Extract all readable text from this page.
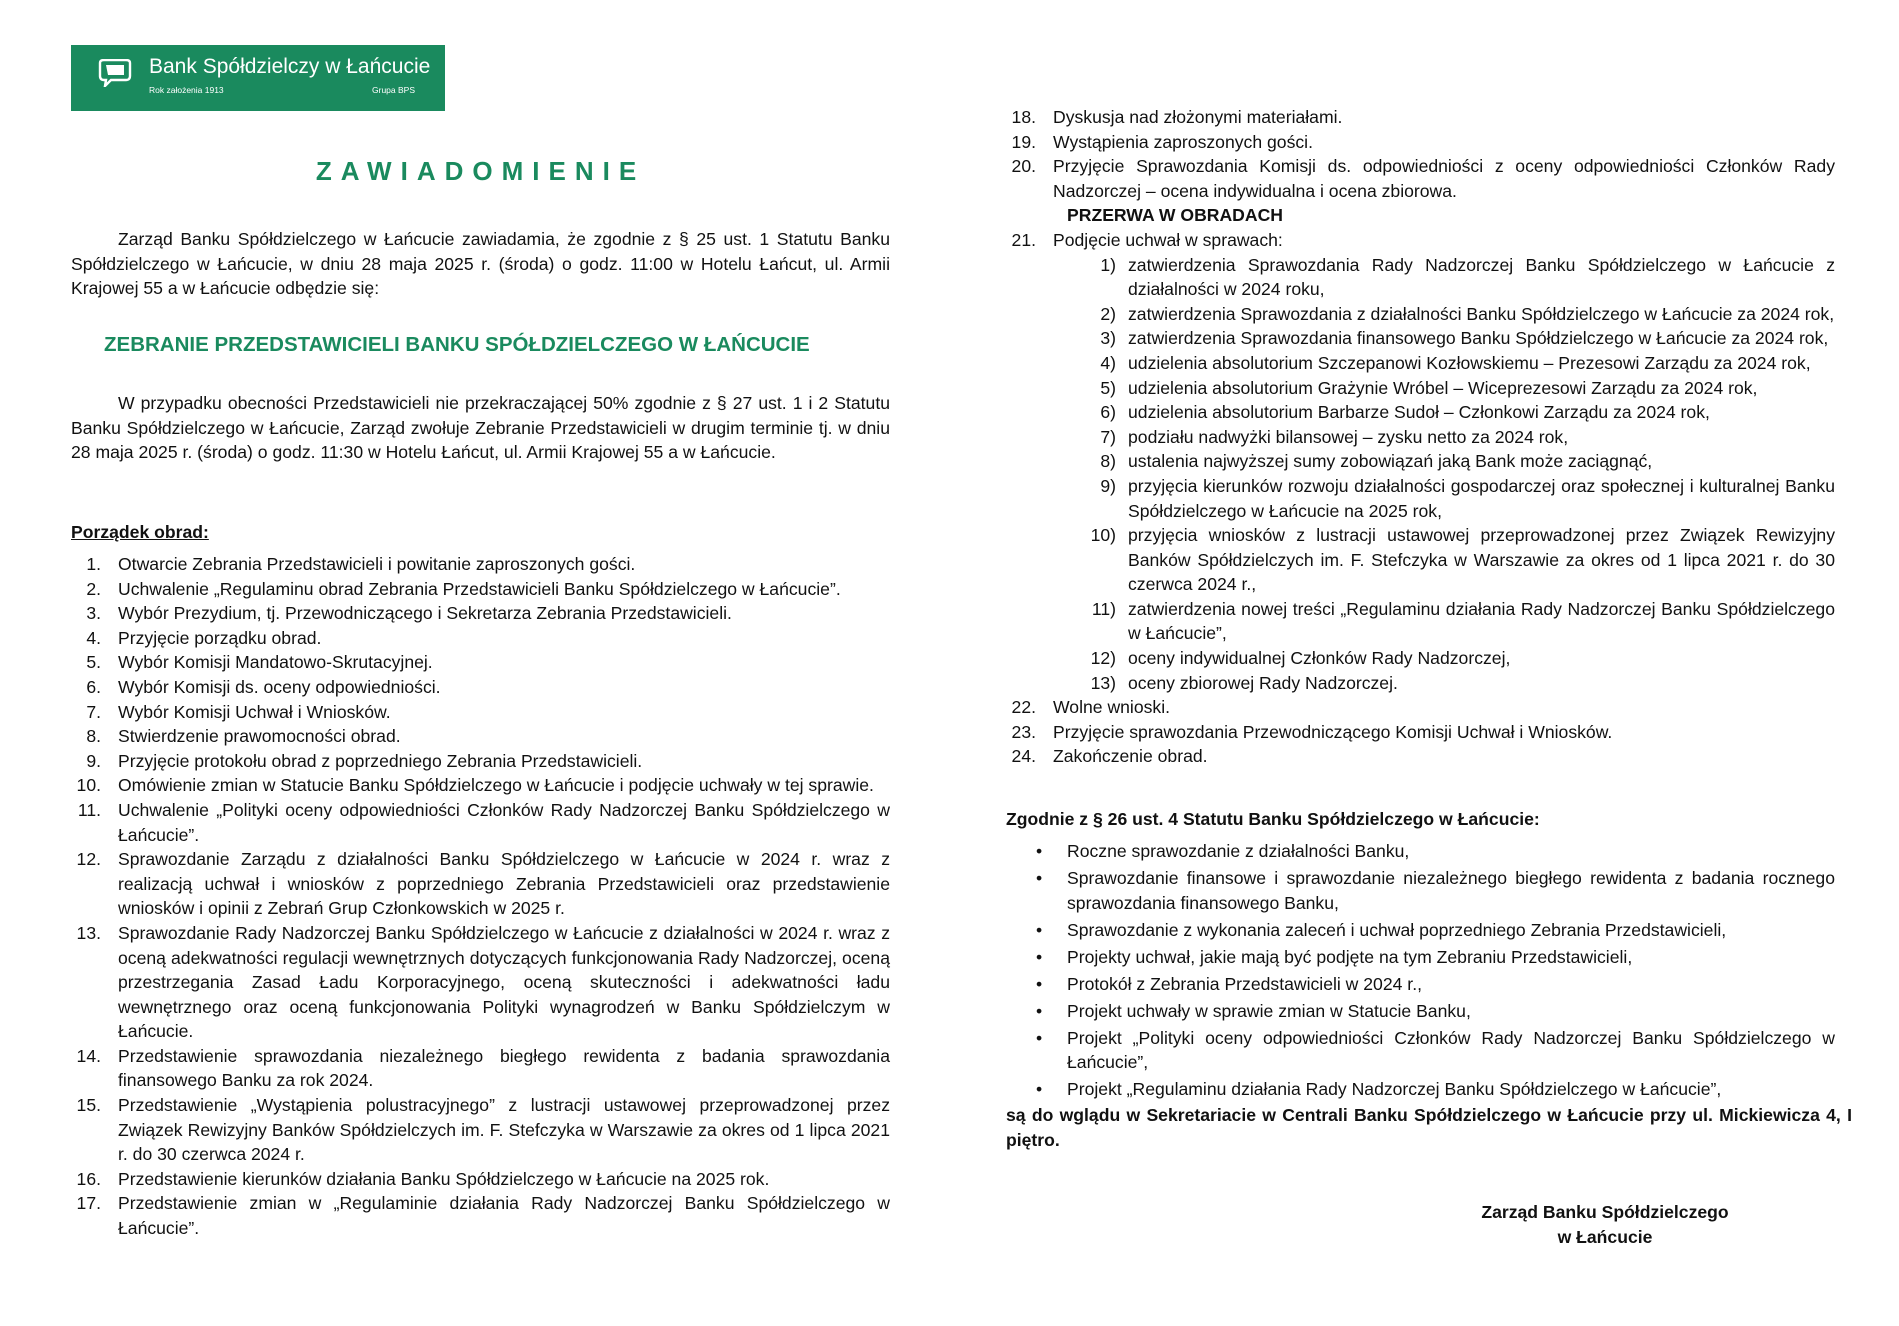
Bank Spółdzielczy w Łańcucie
Rok założenia 1913	Grupa BPS
ZAWIADOMIENIE

Zarząd Banku Spółdzielczego w Łańcucie zawiadamia, że zgodnie z § 25 ust. 1 Statutu Banku Spółdzielczego w Łańcucie, w dniu 28 maja 2025 r. (środa) o godz. 11:00 w Hotelu Łańcut, ul. Armii Krajowej 55 a w Łańcucie odbędzie się:

ZEBRANIE PRZEDSTAWICIELI BANKU SPÓŁDZIELCZEGO W ŁAŃCUCIE

W przypadku obecności Przedstawicieli nie przekraczającej 50% zgodnie z § 27 ust. 1 i 2 Statutu Banku Spółdzielczego w Łańcucie, Zarząd zwołuje Zebranie Przedstawicieli w drugim terminie tj. w dniu 28 maja 2025 r. (środa) o godz. 11:30 w Hotelu Łańcut, ul. Armii Krajowej 55 a w Łańcucie.

Porządek obrad:
1. Otwarcie Zebrania Przedstawicieli i powitanie zaproszonych gości.
2. Uchwalenie „Regulaminu obrad Zebrania Przedstawicieli Banku Spółdzielczego w Łańcucie”.
3. Wybór Prezydium, tj. Przewodniczącego i Sekretarza Zebrania Przedstawicieli.
4. Przyjęcie porządku obrad.
5. Wybór Komisji Mandatowo-Skrutacyjnej.
6. Wybór Komisji ds. oceny odpowiedniości.
7. Wybór Komisji Uchwał i Wniosków.
8. Stwierdzenie prawomocności obrad.
9. Przyjęcie protokołu obrad z poprzedniego Zebrania Przedstawicieli.
10. Omówienie zmian w Statucie Banku Spółdzielczego w Łańcucie i podjęcie uchwały w tej sprawie.
11. Uchwalenie „Polityki oceny odpowiedniości Członków Rady Nadzorczej Banku Spółdzielczego w Łańcucie”.
12. Sprawozdanie Zarządu z działalności Banku Spółdzielczego w Łańcucie w 2024 r. wraz z realizacją uchwał i wniosków z poprzedniego Zebrania Przedstawicieli oraz przedstawienie wniosków i opinii z Zebrań Grup Członkowskich w 2025 r.
13. Sprawozdanie Rady Nadzorczej Banku Spółdzielczego w Łańcucie z działalności w 2024 r. wraz z oceną adekwatności regulacji wewnętrznych dotyczących funkcjonowania Rady Nadzorczej, oceną przestrzegania Zasad Ładu Korporacyjnego, oceną skuteczności i adekwatności ładu wewnętrznego oraz oceną funkcjonowania Polityki wynagrodzeń w Banku Spółdzielczym w Łańcucie.
14. Przedstawienie sprawozdania niezależnego biegłego rewidenta z badania sprawozdania finansowego Banku za rok 2024.
15. Przedstawienie „Wystąpienia polustracyjnego” z lustracji ustawowej przeprowadzonej przez Związek Rewizyjny Banków Spółdzielczych im. F. Stefczyka w Warszawie za okres od 1 lipca 2021 r. do 30 czerwca 2024 r.
16. Przedstawienie kierunków działania Banku Spółdzielczego w Łańcucie na 2025 rok.
17. Przedstawienie zmian w „Regulaminie działania Rady Nadzorczej Banku Spółdzielczego w Łańcucie”.
18. Dyskusja nad złożonymi materiałami.
19. Wystąpienia zaproszonych gości.
20. Przyjęcie Sprawozdania Komisji ds. odpowiedniości z oceny odpowiedniości Członków Rady Nadzorczej – ocena indywidualna i ocena zbiorowa.
PRZERWA W OBRADACH
21. Podjęcie uchwał w sprawach:
1) zatwierdzenia Sprawozdania Rady Nadzorczej Banku Spółdzielczego w Łańcucie z działalności w 2024 roku,
2) zatwierdzenia Sprawozdania z działalności Banku Spółdzielczego w Łańcucie za 2024 rok,
3) zatwierdzenia Sprawozdania finansowego Banku Spółdzielczego w Łańcucie za 2024 rok,
4) udzielenia absolutorium Szczepanowi Kozłowskiemu – Prezesowi Zarządu za 2024 rok,
5) udzielenia absolutorium Grażynie Wróbel – Wiceprezesowi Zarządu za 2024 rok,
6) udzielenia absolutorium Barbarze Sudoł – Członkowi Zarządu za 2024 rok,
7) podziału nadwyżki bilansowej – zysku netto za 2024 rok,
8) ustalenia najwyższej sumy zobowiązań jaką Bank może zaciągnąć,
9) przyjęcia kierunków rozwoju działalności gospodarczej oraz społecznej i kulturalnej Banku Spółdzielczego w Łańcucie na 2025 rok,
10) przyjęcia wniosków z lustracji ustawowej przeprowadzonej przez Związek Rewizyjny Banków Spółdzielczych im. F. Stefczyka w Warszawie za okres od 1 lipca 2021 r. do 30 czerwca 2024 r.,
11) zatwierdzenia nowej treści „Regulaminu działania Rady Nadzorczej Banku Spółdzielczego w Łańcucie”,
12) oceny indywidualnej Członków Rady Nadzorczej,
13) oceny zbiorowej Rady Nadzorczej.
22. Wolne wnioski.
23. Przyjęcie sprawozdania Przewodniczącego Komisji Uchwał i Wniosków.
24. Zakończenie obrad.
Zgodnie z § 26 ust. 4 Statutu Banku Spółdzielczego w Łańcucie:
• Roczne sprawozdanie z działalności Banku,
• Sprawozdanie finansowe i sprawozdanie niezależnego biegłego rewidenta z badania rocznego sprawozdania finansowego Banku,
• Sprawozdanie z wykonania zaleceń i uchwał poprzedniego Zebrania Przedstawicieli,
• Projekty uchwał, jakie mają być podjęte na tym Zebraniu Przedstawicieli,
• Protokół z Zebrania Przedstawicieli w 2024 r.,
• Projekt uchwały w sprawie zmian w Statucie Banku,
• Projekt „Polityki oceny odpowiedniości Członków Rady Nadzorczej Banku Spółdzielczego w Łańcucie”,
• Projekt „Regulaminu działania Rady Nadzorczej Banku Spółdzielczego w Łańcucie”,

są do wglądu w Sekretariacie w Centrali Banku Spółdzielczego w Łańcucie przy ul. Mickiewicza 4, I piętro.

Zarząd Banku Spółdzielczego
w Łańcucie
